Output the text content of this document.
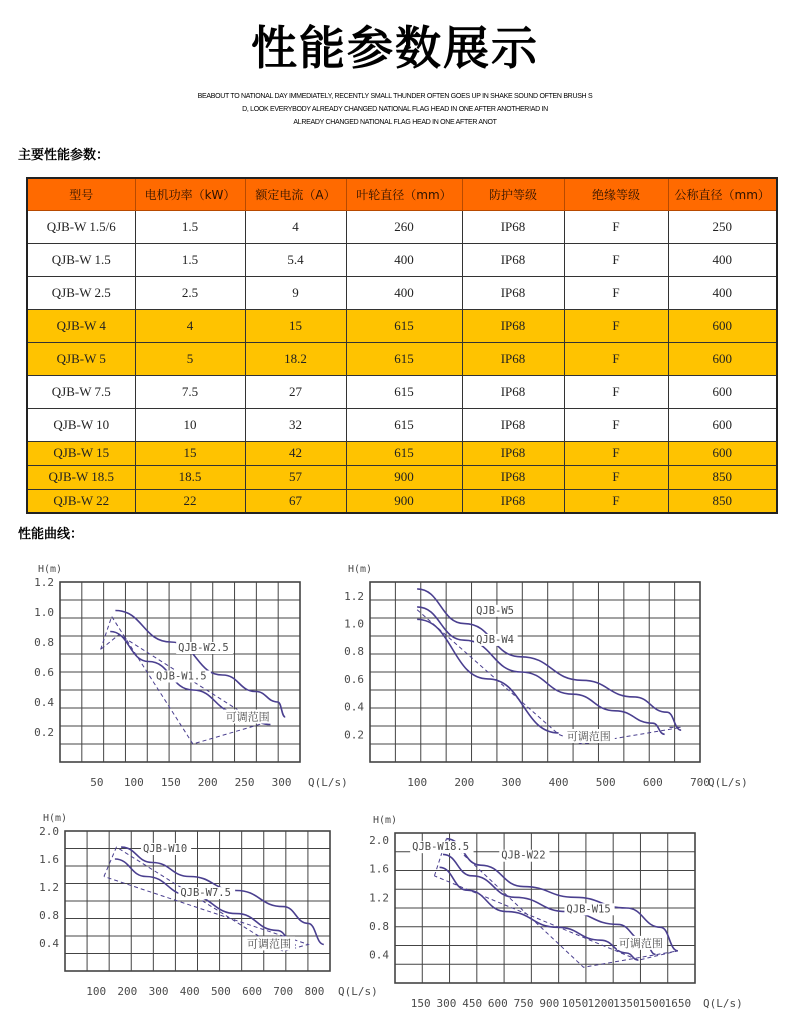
性能参数展示
BEABOUT TO NATIONAL DAY IMMEDIATELY, RECENTLY SMALL THUNDER OFTEN GOES UP IN SHAKE SOUND OFTEN BRUSH S
D, LOOK EVERYBODY ALREADY CHANGED NATIONAL FLAG HEAD IN ONE AFTER ANOTHER!AD IN
ALREADY CHANGED NATIONAL FLAG HEAD IN ONE AFTER ANOT
主要性能参数：
型号	电机功率（kW）	额定电流（A）	叶轮直径（mm）	防护等级	绝缘等级	公称直径（mm）
QJB-W 1.5/6	1.5	4	260	IP68	F	250
QJB-W 1.5	1.5	5.4	400	IP68	F	400
QJB-W 2.5	2.5	9	400	IP68	F	400
QJB-W 4	4	15	615	IP68	F	600
QJB-W 5	5	18.2	615	IP68	F	600
QJB-W 7.5	7.5	27	615	IP68	F	600
QJB-W 10	10	32	615	IP68	F	600
QJB-W 15	15	42	615	IP68	F	600
QJB-W 18.5	18.5	57	900	IP68	F	850
QJB-W 22	22	67	900	IP68	F	850
性能曲线：
H(m)
Q(L/s)
1.2
1.0
0.8
0.6
0.4
0.2
50 100 150 200 250 300
QJB-W2.5
QJB-W1.5
可调范围
H(m)
Q(L/s)
1.2
1.0
0.8
0.6
0.4
0.2
100 200 300 400 500 600 700
QJB-W5
QJB-W4
可调范围
H(m)
Q(L/s)
2.0
1.6
1.2
0.8
0.4
100 200 300 400 500 600 700 800
QJB-W10
QJB-W7.5
可调范围
H(m)
Q(L/s)
2.0
1.6
1.2
0.8
0.4
150 300 450 600 750 900 1050 1200 1350 1500 1650
QJB-W22
QJB-W18.5
QJB-W15
可调范围
